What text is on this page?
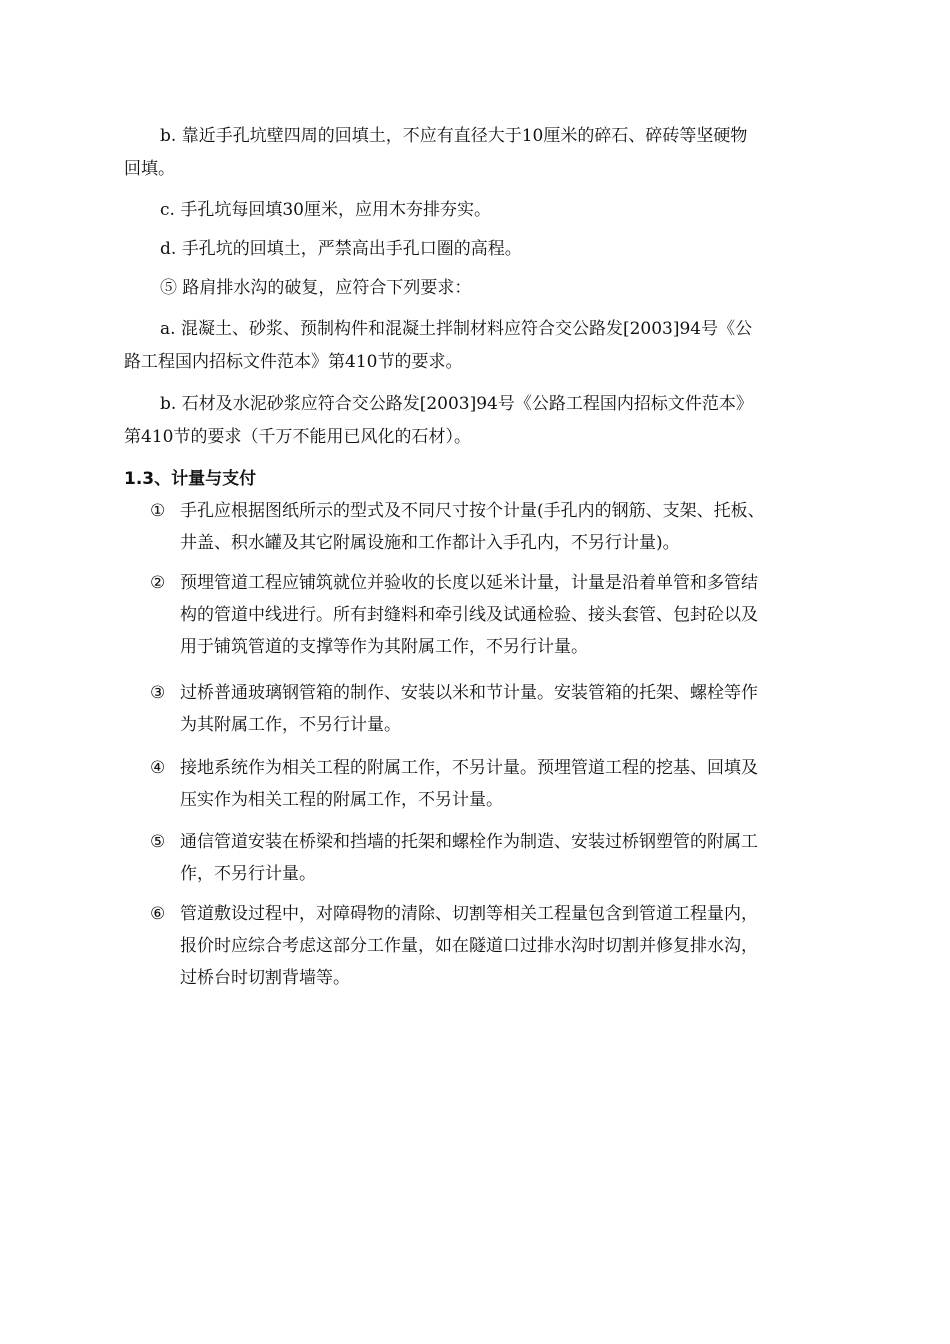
b. 靠近手孔坑壁四周的回填土，不应有直径大于10厘米的碎石、碎砖等坚硬物
回填。
c. 手孔坑每回填30厘米，应用木夯排夯实。
d. 手孔坑的回填土，严禁高出手孔口圈的高程。
⑤ 路肩排水沟的破复，应符合下列要求：
a. 混凝土、砂浆、预制构件和混凝土拌制材料应符合交公路发[2003]94号《公
路工程国内招标文件范本》第410节的要求。
b. 石材及水泥砂浆应符合交公路发[2003]94号《公路工程国内招标文件范本》
第410节的要求（千万不能用已风化的石材）。
1.3、计量与支付
① 手孔应根据图纸所示的型式及不同尺寸按个计量(手孔内的钢筋、支架、托板、
井盖、积水罐及其它附属设施和工作都计入手孔内，不另行计量)。
② 预埋管道工程应铺筑就位并验收的长度以延米计量，计量是沿着单管和多管结
构的管道中线进行。所有封缝料和牵引线及试通检验、接头套管、包封砼以及
用于铺筑管道的支撑等作为其附属工作，不另行计量。
③ 过桥普通玻璃钢管箱的制作、安装以米和节计量。安装管箱的托架、螺栓等作
为其附属工作，不另行计量。
④ 接地系统作为相关工程的附属工作，不另计量。预埋管道工程的挖基、回填及
压实作为相关工程的附属工作，不另计量。
⑤ 通信管道安装在桥梁和挡墙的托架和螺栓作为制造、安装过桥钢塑管的附属工
作，不另行计量。
⑥ 管道敷设过程中，对障碍物的清除、切割等相关工程量包含到管道工程量内，
报价时应综合考虑这部分工作量，如在隧道口过排水沟时切割并修复排水沟，
过桥台时切割背墙等。
